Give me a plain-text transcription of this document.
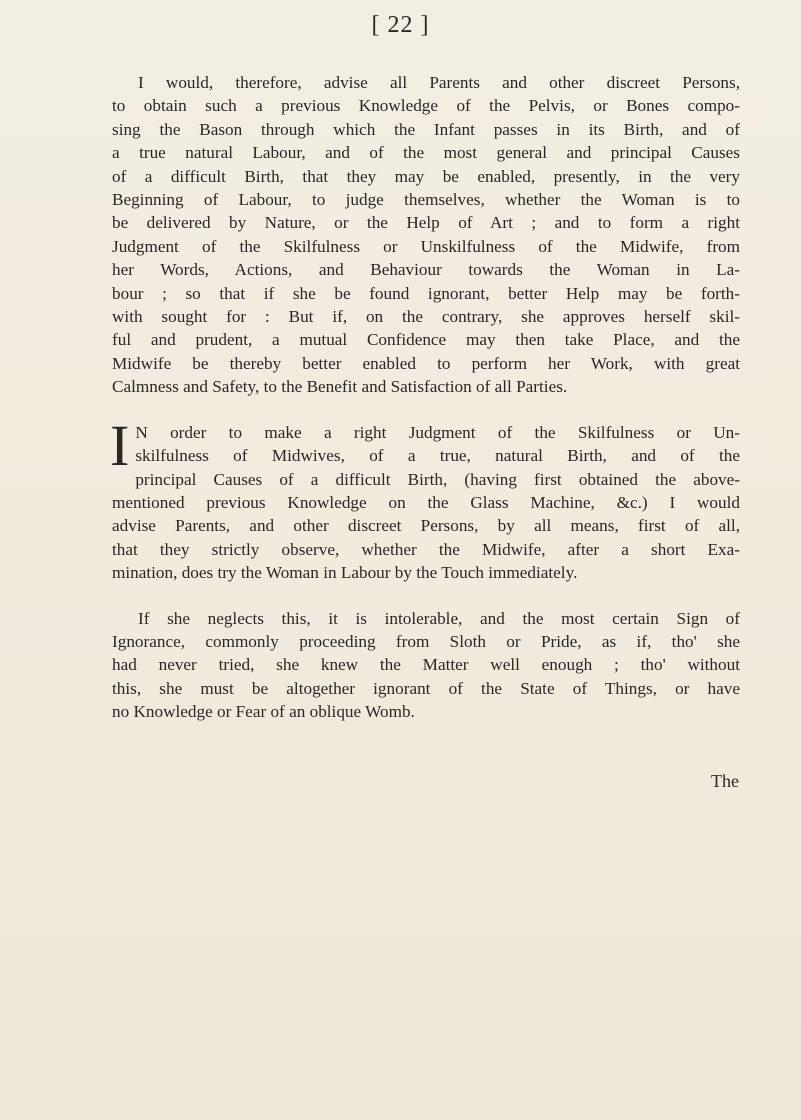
[ 22 ]
I would, therefore, advise all Parents and other discreet Persons,
to obtain such a previous Knowledge of the Pelvis, or Bones compo-
sing the Bason through which the Infant passes in its Birth, and of
a true natural Labour, and of the most general and principal Causes
of a difficult Birth, that they may be enabled, presently, in the very
Beginning of Labour, to judge themselves, whether the Woman is to
be delivered by Nature, or the Help of Art ; and to form a right
Judgment of the Skilfulness or Unskilfulness of the Midwife, from
her Words, Actions, and Behaviour towards the Woman in La-
bour ; so that if she be found ignorant, better Help may be forth-
with sought for : But if, on the contrary, she approves herself skil-
ful and prudent, a mutual Confidence may then take Place, and the
Midwife be thereby better enabled to perform her Work, with great
Calmness and Safety, to the Benefit and Satisfaction of all Parties.
I N order to make a right Judgment of the Skilfulness or Un-
skilfulness of Midwives, of a true, natural Birth, and of the
principal Causes of a difficult Birth, (having first obtained the above-
mentioned previous Knowledge on the Glass Machine, &c.) I would
advise Parents, and other discreet Persons, by all means, first of all,
that they strictly observe, whether the Midwife, after a short Exa-
mination, does try the Woman in Labour by the Touch immediately.
If she neglects this, it is intolerable, and the most certain Sign of
Ignorance, commonly proceeding from Sloth or Pride, as if, tho' she
had never tried, she knew the Matter well enough ; tho' without
this, she must be altogether ignorant of the State of Things, or have
no Knowledge or Fear of an oblique Womb.
The
